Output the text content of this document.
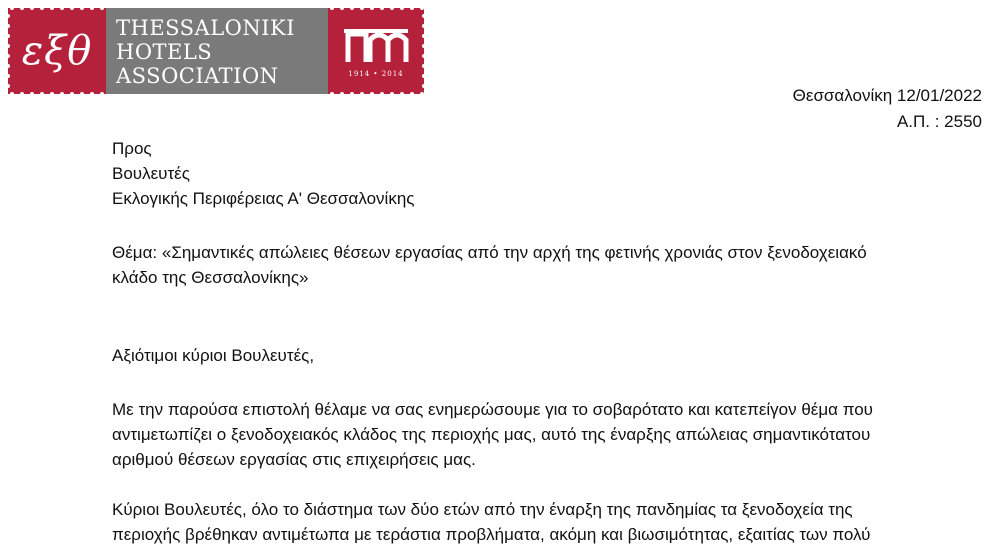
εξθ THESSALONIKI
HOTELS
ASSOCIATION	1914 • 2014
Θεσσαλονίκη 12/01/2022
Α.Π. : 2550
Προς
Βουλευτές
Εκλογικής Περιφέρειας Α' Θεσσαλονίκης
Θέμα: «Σημαντικές απώλειες θέσεων εργασίας από την αρχή της φετινής χρονιάς στον ξενοδοχειακό
κλάδο της Θεσσαλονίκης»
Αξιότιμοι κύριοι Βουλευτές,
Με την παρούσα επιστολή θέλαμε να σας ενημερώσουμε για το σοβαρότατο και κατεπείγον θέμα που
αντιμετωπίζει ο ξενοδοχειακός κλάδος της περιοχής μας, αυτό της έναρξης απώλειας σημαντικότατου
αριθμού θέσεων εργασίας στις επιχειρήσεις μας.
Κύριοι Βουλευτές, όλο το διάστημα των δύο ετών από την έναρξη της πανδημίας τα ξενοδοχεία της
περιοχής βρέθηκαν αντιμέτωπα με τεράστια προβλήματα, ακόμη και βιωσιμότητας, εξαιτίας των πολύ
